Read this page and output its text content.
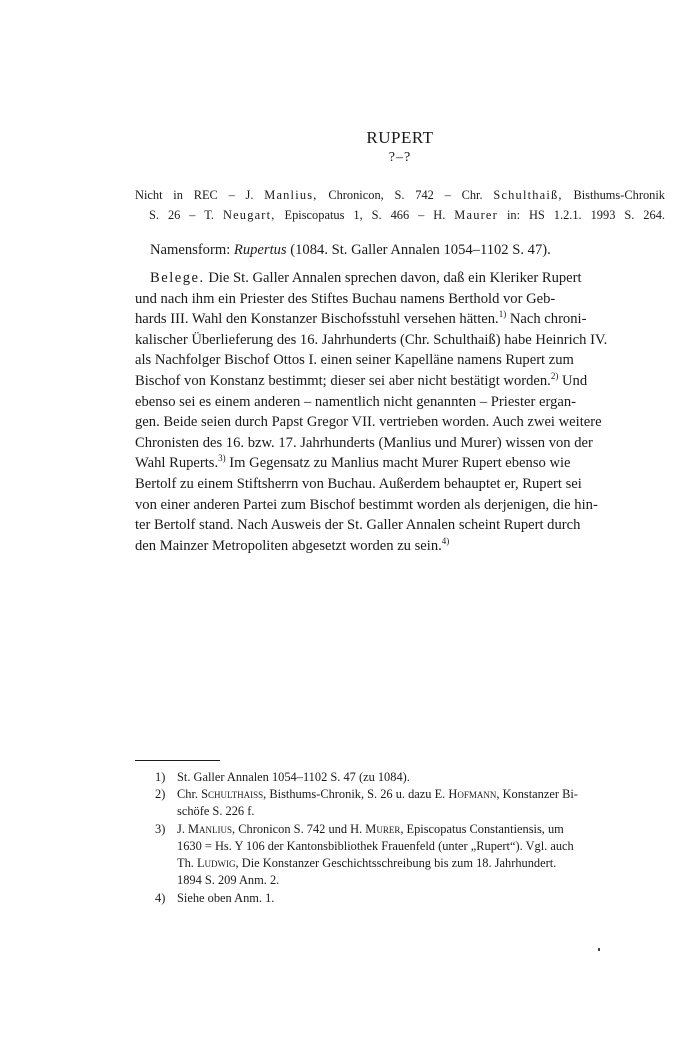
RUPERT
?–?
Nicht in REC – J. Manlius, Chronicon, S. 742 – Chr. Schulthaiß, Bisthums-Chronik
S. 26 – T. Neugart, Episcopatus 1, S. 466 – H. Maurer in: HS 1.2.1. 1993 S. 264.
Namensform: Rupertus (1084. St. Galler Annalen 1054–1102 S. 47).
Belege. Die St. Galler Annalen sprechen davon, daß ein Kleriker Rupert
und nach ihm ein Priester des Stiftes Buchau namens Berthold vor Geb-
hards III. Wahl den Konstanzer Bischofsstuhl versehen hätten.$^{1)}$ Nach chroni-
kalischer Überlieferung des 16. Jahrhunderts (Chr. Schulthaiß) habe Heinrich IV.
als Nachfolger Bischof Ottos I. einen seiner Kapelläne namens Rupert zum
Bischof von Konstanz bestimmt; dieser sei aber nicht bestätigt worden.$^{2)}$ Und
ebenso sei es einem anderen – namentlich nicht genannten – Priester ergan-
gen. Beide seien durch Papst Gregor VII. vertrieben worden. Auch zwei weitere
Chronisten des 16. bzw. 17. Jahrhunderts (Manlius und Murer) wissen von der
Wahl Ruperts.$^{3)}$ Im Gegensatz zu Manlius macht Murer Rupert ebenso wie
Bertolf zu einem Stiftsherrn von Buchau. Außerdem behauptet er, Rupert sei
von einer anderen Partei zum Bischof bestimmt worden als derjenigen, die hin-
ter Bertolf stand. Nach Ausweis der St. Galler Annalen scheint Rupert durch
den Mainzer Metropoliten abgesetzt worden zu sein.$^{4)}$
1) St. Galler Annalen 1054–1102 S. 47 (zu 1084).
2) Chr. Schulthaiß, Bisthums-Chronik, S. 26 u. dazu E. Hofmann, Konstanzer Bi-
schöfe S. 226 f.
3) J. Manlius, Chronicon S. 742 und H. Murer, Episcopatus Constantiensis, um
1630 = Hs. Y 106 der Kantonsbibliothek Frauenfeld (unter „Rupert“). Vgl. auch
Th. Ludwig, Die Konstanzer Geschichtsschreibung bis zum 18. Jahrhundert.
1894 S. 209 Anm. 2.
4) Siehe oben Anm. 1.
